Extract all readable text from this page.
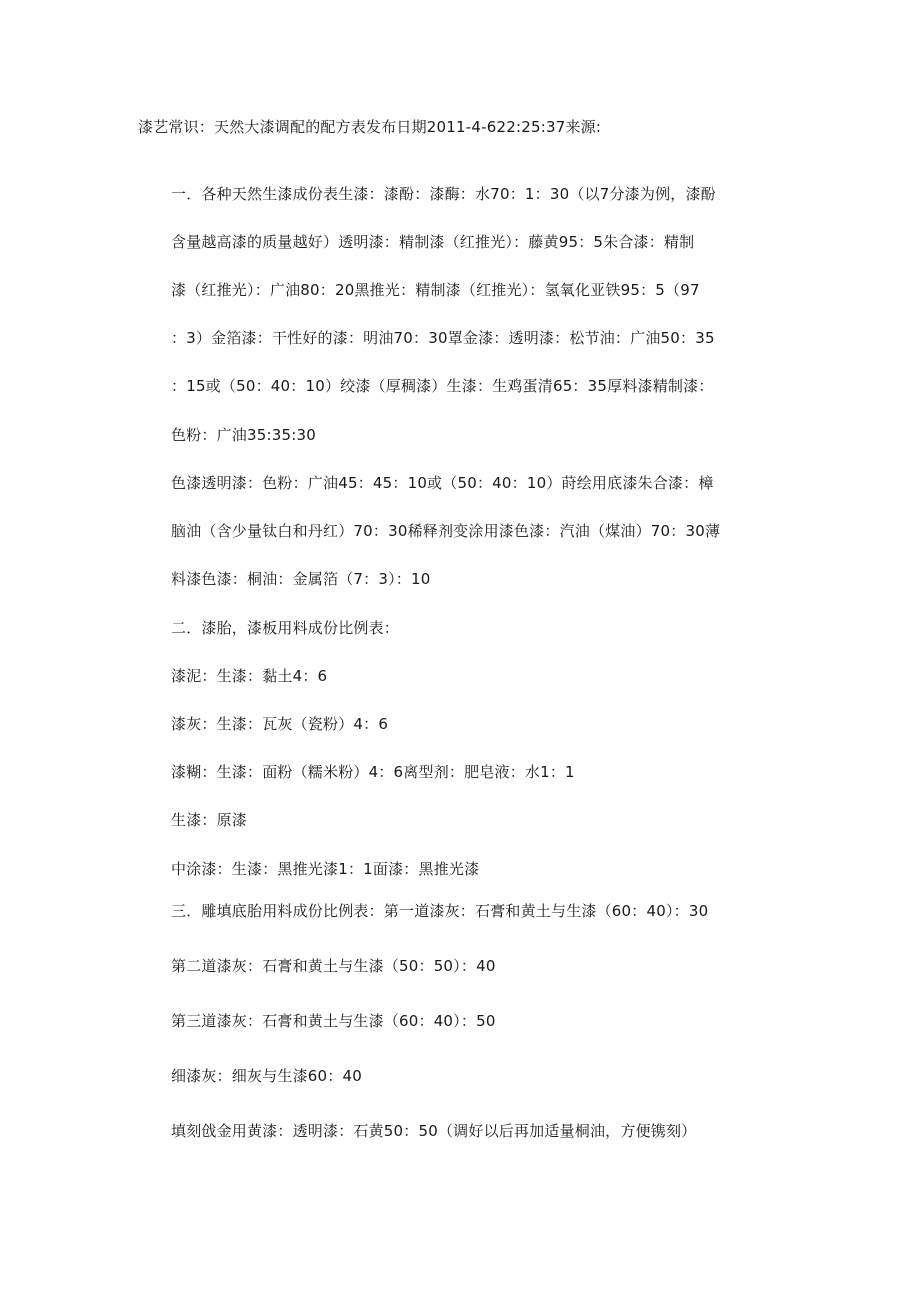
漆艺常识：天然大漆调配的配方表发布日期2011-4-622:25:37来源:
一．各种天然生漆成份表生漆：漆酚：漆酶：水70：1：30（以7分漆为例，漆酚
含量越高漆的质量越好）透明漆：精制漆（红推光）：藤黄95：5朱合漆：精制
漆（红推光）：广油80：20黑推光：精制漆（红推光）：氢氧化亚铁95：5（97
：3）金箔漆：干性好的漆：明油70：30罩金漆：透明漆：松节油：广油50：35
：15或（50：40：10）绞漆（厚稠漆）生漆：生鸡蛋清65：35厚料漆精制漆：
色粉：广油35:35:30
色漆透明漆：色粉：广油45：45：10或（50：40：10）莳绘用底漆朱合漆：樟
脑油（含少量钛白和丹红）70：30稀释剂变涂用漆色漆：汽油（煤油）70：30薄
料漆色漆：桐油：金属箔（7：3）：10
二．漆胎，漆板用料成份比例表：
漆泥：生漆：黏土4：6
漆灰：生漆：瓦灰（瓷粉）4：6
漆糊：生漆：面粉（糯米粉）4：6离型剂：肥皂液：水1：1
生漆：原漆
中涂漆：生漆：黑推光漆1：1面漆：黑推光漆
三．雕填底胎用料成份比例表：第一道漆灰：石膏和黄土与生漆（60：40）：30
第二道漆灰：石膏和黄土与生漆（50：50）：40
第三道漆灰：石膏和黄土与生漆（60：40）：50
细漆灰：细灰与生漆60：40
填刻戗金用黄漆：透明漆：石黄50：50（调好以后再加适量桐油，方便镌刻）
